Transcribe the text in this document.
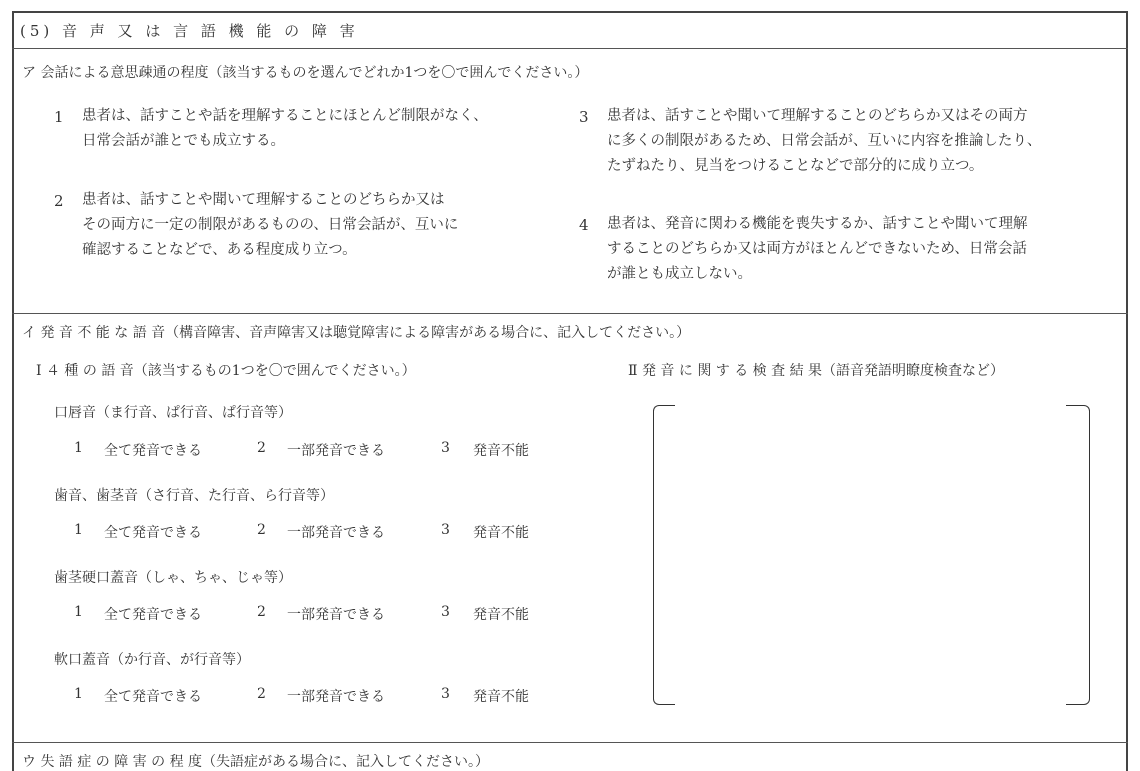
(5) 音 声 又 は 言 語 機 能 の 障 害
ア 会話による意思疎通の程度（該当するものを選んでどれか1つを〇で囲んでください。）
1 患者は、話すことや話を理解することにほとんど制限がなく、
日常会話が誰とでも成立する。
2 患者は、話すことや聞いて理解することのどちらか又は
その両方に一定の制限があるものの、日常会話が、互いに
確認することなどで、ある程度成り立つ。
3 患者は、話すことや聞いて理解することのどちらか又はその両方
に多くの制限があるため、日常会話が、互いに内容を推論したり、
たずねたり、見当をつけることなどで部分的に成り立つ。
4 患者は、発音に関わる機能を喪失するか、話すことや聞いて理解
することのどちらか又は両方がほとんどできないため、日常会話
が誰とも成立しない。
イ 発 音 不 能 な 語 音（構音障害、音声障害又は聴覚障害による障害がある場合に、記入してください。）
Ⅰ ４ 種 の 語 音（該当するもの1つを〇で囲んでください。）	Ⅱ 発 音 に 関 す る 検 査 結 果（語音発語明瞭度検査など）
口唇音（ま行音、ぱ行音、ぱ行音等）
1 全て発音できる	2 一部発音できる	3 発音不能
歯音、歯茎音（さ行音、た行音、ら行音等）
1 全て発音できる	2 一部発音できる	3 発音不能
歯茎硬口蓋音（しゃ、ちゃ、じゃ等）
1 全て発音できる	2 一部発音できる	3 発音不能
軟口蓋音（か行音、が行音等）
1 全て発音できる	2 一部発音できる	3 発音不能
ウ 失 語 症 の 障 害 の 程 度（失語症がある場合に、記入してください。）
